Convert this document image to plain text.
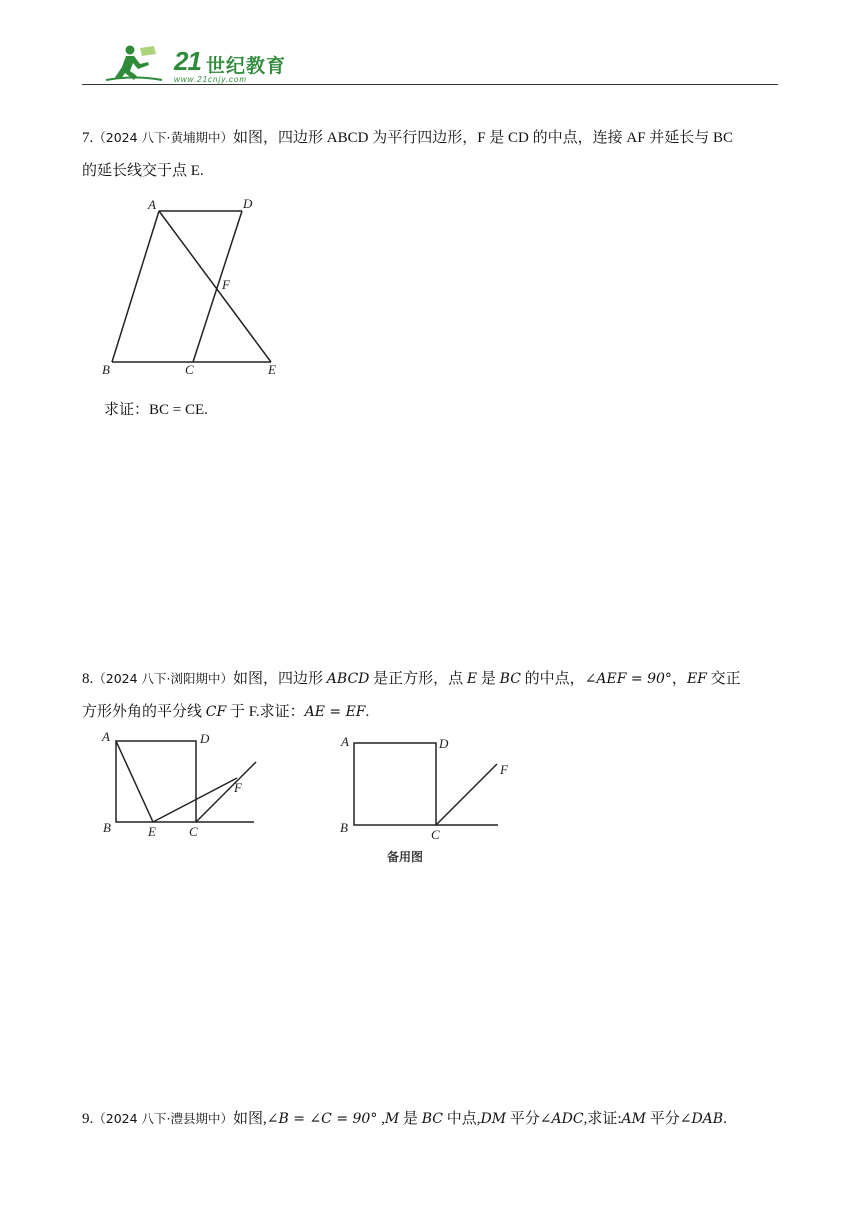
21 世纪教育
www.21cnjy.com
7.（2024 八下·黄埔期中）如图，四边形 ABCD 为平行四边形，F 是 CD 的中点，连接 AF 并延长与 BC
的延长线交于点 E.
A	D
F
B	C	E
求证：BC = CE.
8.（2024 八下·浏阳期中）如图，四边形 ABCD 是正方形，点 E 是 BC 的中点，∠AEF = 90°，EF 交正
方形外角的平分线 CF 于 F.求证：AE = EF.
A	D
F
B	E	C
A	D
F
B	C
备用图
9.（2024 八下·澧县期中）如图,∠B = ∠C = 90° ,M 是 BC 中点,DM 平分∠ADC,求证:AM 平分∠DAB.
